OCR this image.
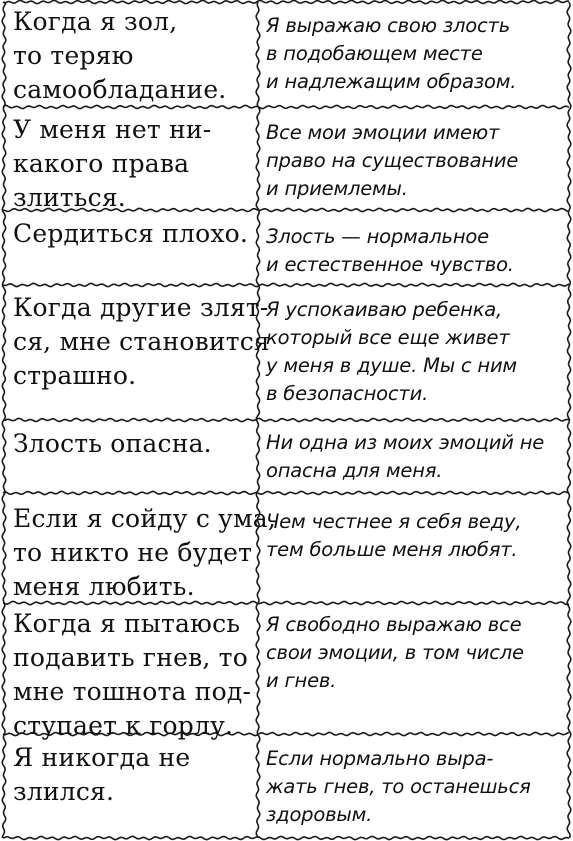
Когда я зол,
то теряю
самообладание.
Я выражаю свою злость
в подобающем месте
и надлежащим образом.
У меня нет ни-
какого права
злиться.
Все мои эмоции имеют
право на существование
и приемлемы.
Сердиться плохо. Злость — нормальное
и естественное чувство.
Когда другие злят-
ся, мне становится
страшно.
Я успокаиваю ребенка,
который все еще живет
у меня в душе. Мы с ним
в безопасности.
Злость опасна.	Ни одна из моих эмоций не
опасна для меня.
Если я сойду с ума,
то никто не будет
меня любить.
Чем честнее я себя веду,
тем больше меня любят.
Когда я пытаюсь
подавить гнев, то
мне тошнота под-
ступает к горлу.
Я свободно выражаю все
свои эмоции, в том числе
и гнев.
Я никогда не
злился.
Если нормально выра-
жать гнев, то останешься
здоровым.
